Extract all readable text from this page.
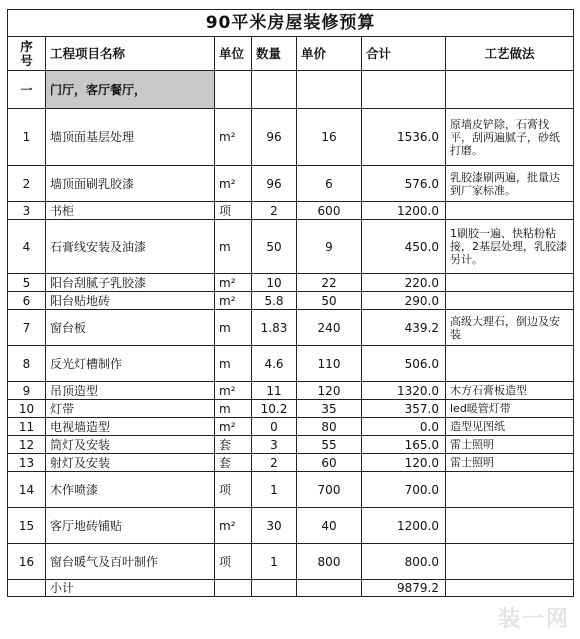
90平米房屋装修预算						

序
号	工程项目名称	单位	数量	单价	合计	工艺做法
一	门厅，客厅餐厅，					
1	墙顶面基层处理	m²	96	16	1536.0	原墙皮铲除，石膏找平，刮两遍腻子，砂纸打磨。
2	墙顶面刷乳胶漆	m²	96	6	576.0	乳胶漆刷两遍，批量达到厂家标准。
3	书柜	项	2	600	1200.0	
4	石膏线安装及油漆	m	50	9	450.0	1刷胶一遍、快粘粉粘接，2基层处理，乳胶漆另计。
5	阳台刮腻子乳胶漆	m²	10	22	220.0	
6	阳台贴地砖	m²	5.8	50	290.0	
7	窗台板	m	1.83	240	439.2	高级大理石，倒边及安装
8	反光灯槽制作	m	4.6	110	506.0	
9	吊顶造型	m²	11	120	1320.0	木方石膏板造型
10	灯带	m	10.2	35	357.0	led暖管灯带
11	电视墙造型	m²	0	80	0.0	造型见图纸
12	筒灯及安装	套	3	55	165.0	雷士照明
13	射灯及安装	套	2	60	120.0	雷士照明
14	木作喷漆	项	1	700	700.0	
15	客厅地砖铺贴	m²	30	40	1200.0	
16	窗台暖气及百叶制作	项	1	800	800.0	
	小计				9879.2	
装一网
